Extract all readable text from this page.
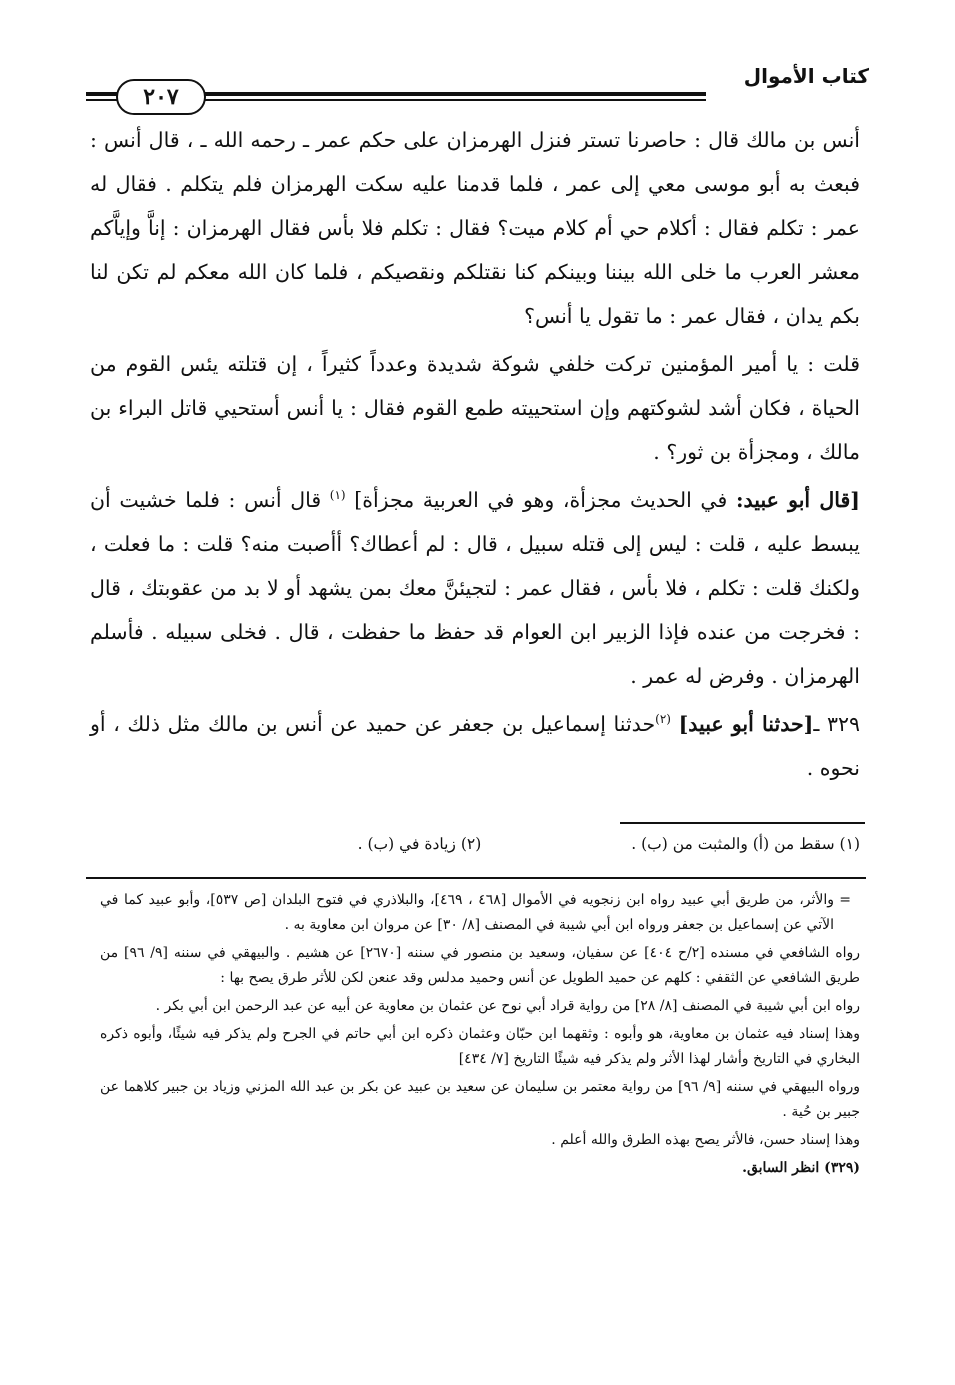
كتاب الأموال
٢٠٧

أنس بن مالك قال : حاصرنا تستر فنزل الهرمزان على حكم عمر ـ رحمه الله ـ ، قال أنس : فبعث به أبو موسى معي إلى عمر ، فلما قدمنا عليه سكت الهرمزان فلم يتكلم . فقال له عمر : تكلم فقال : أكلام حي أم كلام ميت؟ فقال : تكلم فلا بأس فقال الهرمزان : إناَّ وإياَّكم معشر العرب ما خلى الله بيننا وبينكم كنا نقتلكم ونقصيكم ، فلما كان الله معكم لم تكن لنا بكم يدان ، فقال عمر : ما تقول يا أنس؟

قلت : يا أمير المؤمنين تركت خلفي شوكة شديدة وعدداً كثيراً ، إن قتلته يئس القوم من الحياة ، فكان أشد لشوكتهم وإن استحييته طمع القوم فقال : يا أنس أستحيي قاتل البراء بن مالك ، ومجزأة بن ثور؟ .

[قال أبو عبيد: في الحديث مجزأة، وهو في العربية مجزأة] $^{(١)}$ قال أنس : فلما خشيت أن يبسط عليه ، قلت : ليس إلى قتله سبيل ، قال : لم أعطاك؟ أأصبت منه؟ قلت : ما فعلت ، ولكنك قلت : تكلم ، فلا بأس ، فقال عمر : لتجيئنَّ معك بمن يشهد أو لا بد من عقوبتك ، قال : فخرجت من عنده فإذا الزبير ابن العوام قد حفظ ما حفظت ، قال . فخلى سبيله . فأسلم الهرمزان . وفرض له عمر .

٣٢٩ ـ[حدثنا أبو عبيد] $^{(٢)}$حدثنا إسماعيل بن جعفر عن حميد عن أنس بن مالك مثل ذلك ، أو نحوه .

(١) سقط من (أ) والمثبت من (ب) .
(٢) زيادة في (ب) .
=

والأثر، من طريق أبي عبيد رواه ابن زنجويه في الأموال [٤٦٨ ، ٤٦٩]، والبلاذري في فتوح البلدان [ص ٥٣٧]، وأبو عبيد كما في الآتي عن إسماعيل بن جعفر ورواه ابن أبي شيبة في المصنف [٨/ ٣٠] عن مروان ابن معاوية به .

رواه الشافعي في مسنده [٢/ح ٤٠٤] عن سفيان، وسعيد بن منصور في سننه [٢٦٧٠] عن هشيم . والبيهقي في سننه [٩/ ٩٦] من طريق الشافعي عن الثقفي : كلهم عن حميد الطويل عن أنس وحميد مدلس وقد عنعن لكن للأثر طرق يصح بها :

رواه ابن أبي شيبة في المصنف [٨/ ٢٨] من رواية قراد أبي نوح عن عثمان بن معاوية عن أبيه عن عبد الرحمن ابن أبي بكر .

وهذا إسناد فيه عثمان بن معاوية، هو وأبوه : وثقهما ابن حبّان وعثمان ذكره ابن أبي حاتم في الجرح ولم يذكر فيه شيئًا، وأبوه ذكره البخاري في التاريخ وأشار لهذا الأثر ولم يذكر فيه شيئًا التاريخ [٧/ ٤٣٤]

ورواه البيهقي في سننه [٩/ ٩٦] من رواية معتمر بن سليمان عن سعيد بن عبيد عن بكر بن عبد الله المزني وزياد بن جبير كلاهما عن جبير بن حُية .

وهذا إسناد حسن، فالأثر يصح بهذه الطرق والله أعلم .

(٣٢٩) انظر السابق.
